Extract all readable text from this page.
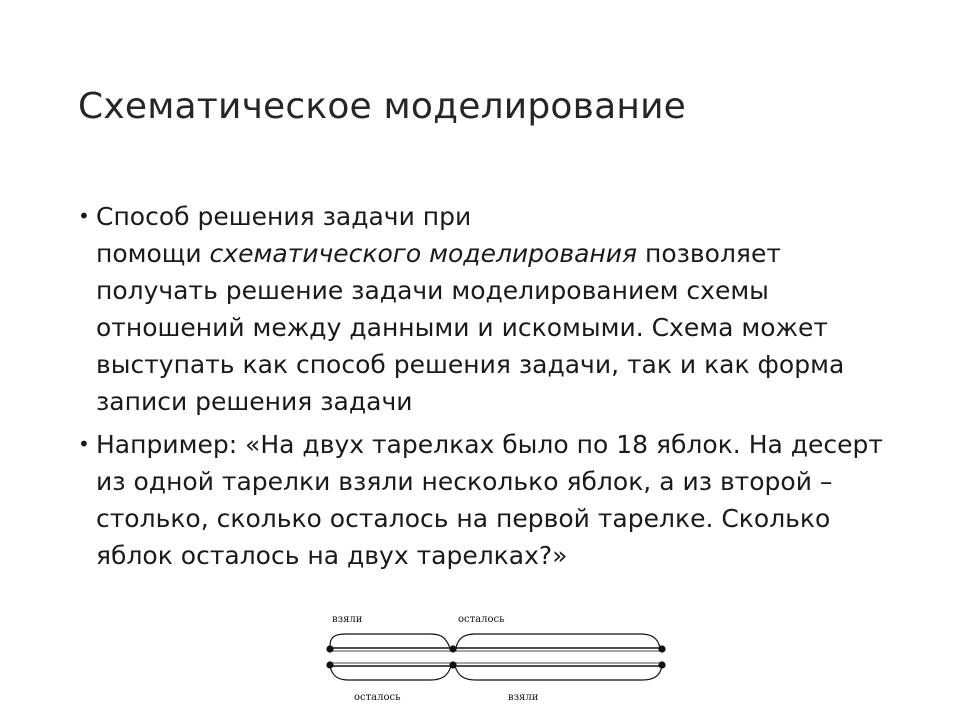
Схематическое моделирование
• Способ решения задачи при
помощи схематического моделирования позволяет
получать решение задачи моделированием схемы отношений между данными и искомыми. Схема может выступать как способ решения задачи, так и как форма записи решения задачи
• Например: «На двух тарелках было по 18 яблок. На десерт из одной тарелки взяли несколько яблок, а из второй – столько, сколько осталось на первой тарелке. Сколько яблок осталось на двух тарелках?»
взяли	осталось
осталось	взяли
